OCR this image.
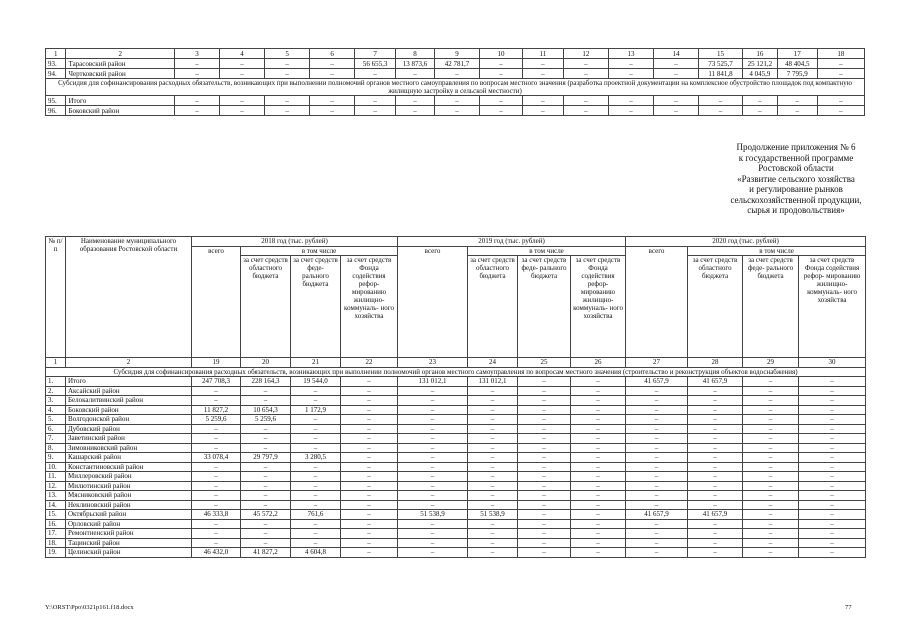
1	2	3	4	5	6	7	8	9	10	11	12	13	14	15	16	17	18
93.	Тарасовский район	–	–	–	–	56 655,3	13 873,6	42 781,7	–	–	–	–	–	73 525,7	25 121,2	48 404,5	–
94.	Чертковский район	–	–	–	–	–	–	–	–	–	–	–	–	11 841,8	4 045,9	7 795,9	–
Субсидия для софинансирования расходных обязательств, возникающих при выполнении полномочий органов местного самоуправления по вопросам местного значения (разработка проектной документации на комплексное обустройство площадок под компактную жилищную застройку в сельской местности)																	
95.	Итого	–	–	–	–	–	–	–	–	–	–	–	–	–	–	–	–
96.	Боковский район	–	–	–	–	–	–	–	–	–	–	–	–	–	–	–	–
Продолжение приложения № 6
к государственной программе
Ростовской области
«Развитие сельского хозяйства
и регулирование рынков
сельскохозяйственной продукции,
сырья и продовольствия»
№ п/п	Наименование муниципального образования Ростовской области	2018 год (тыс. рублей)				2019 год (тыс. рублей)				2020 год (тыс. рублей)			
		всего	в том числе			всего	в том числе			всего	в том числе		
			за счет средств областного бюджета	за счет средств феде- рального бюджета	за счет средств Фонда содействия рефор- мированию жилищно- коммуналь- ного хозяйства		за счет средств областного бюджета	за счет средств феде- рального бюджета	за счет средств Фонда содействия рефор- мированию жилищно- коммуналь- ного хозяйства		за счет средств областного бюджета	за счет средств феде- рального бюджета	за счет средств Фонда содействия рефор- мированию жилищно- коммуналь- ного хозяйства
1	2	19	20	21	22	23	24	25	26	27	28	29	30
Субсидия для софинансирования расходных обязательств, возникающих при выполнении полномочий органов местного самоуправления по вопросам местного значения (строительство и реконструкция объектов водоснабжения)													
1.	Итого	247 708,3	228 164,3	19 544,0	–	131 012,1	131 012,1	–	–	41 657,9	41 657,9	–	–
2.	Аксайский район	–	–	–	–	–	–	–	–	–	–	–	–
3.	Белокалитвинский район	–	–	–	–	–	–	–	–	–	–	–	–
4.	Боковский район	11 827,2	10 654,3	1 172,9	–	–	–	–	–	–	–	–	–
5.	Волгодонской район	5 259,6	5 259,6	–	–	–	–	–	–	–	–	–	–
6.	Дубовский район	–	–	–	–	–	–	–	–	–	–	–	–
7.	Заветинский район	–	–	–	–	–	–	–	–	–	–	–	–
8.	Зимовниковский район	–	–	–	–	–	–	–	–	–	–	–	–
9.	Кашарский район	33 078,4	29 797,9	3 280,5	–	–	–	–	–	–	–	–	–
10.	Константиновский район	–	–	–	–	–	–	–	–	–	–	–	–
11.	Миллеровский район	–	–	–	–	–	–	–	–	–	–	–	–
12.	Милютинский район	–	–	–	–	–	–	–	–	–	–	–	–
13.	Мясниковский район	–	–	–	–	–	–	–	–	–	–	–	–
14.	Неклиновский район	–	–	–	–	–	–	–	–	–	–	–	–
15.	Октябрьский район	46 333,8	45 572,2	761,6	–	51 538,9	51 538,9	–	–	41 657,9	41 657,9	–	–
16.	Орловский район	–	–	–	–	–	–	–	–	–	–	–	–
17.	Ремонтненский район	–	–	–	–	–	–	–	–	–	–	–	–
18.	Тацинский район	–	–	–	–	–	–	–	–	–	–	–	–
19.	Целинский район	46 432,0	41 827,2	4 604,8	–	–	–	–	–	–	–	–	–
Y:\ORST\Ppo\0321p161.f18.docx	77
